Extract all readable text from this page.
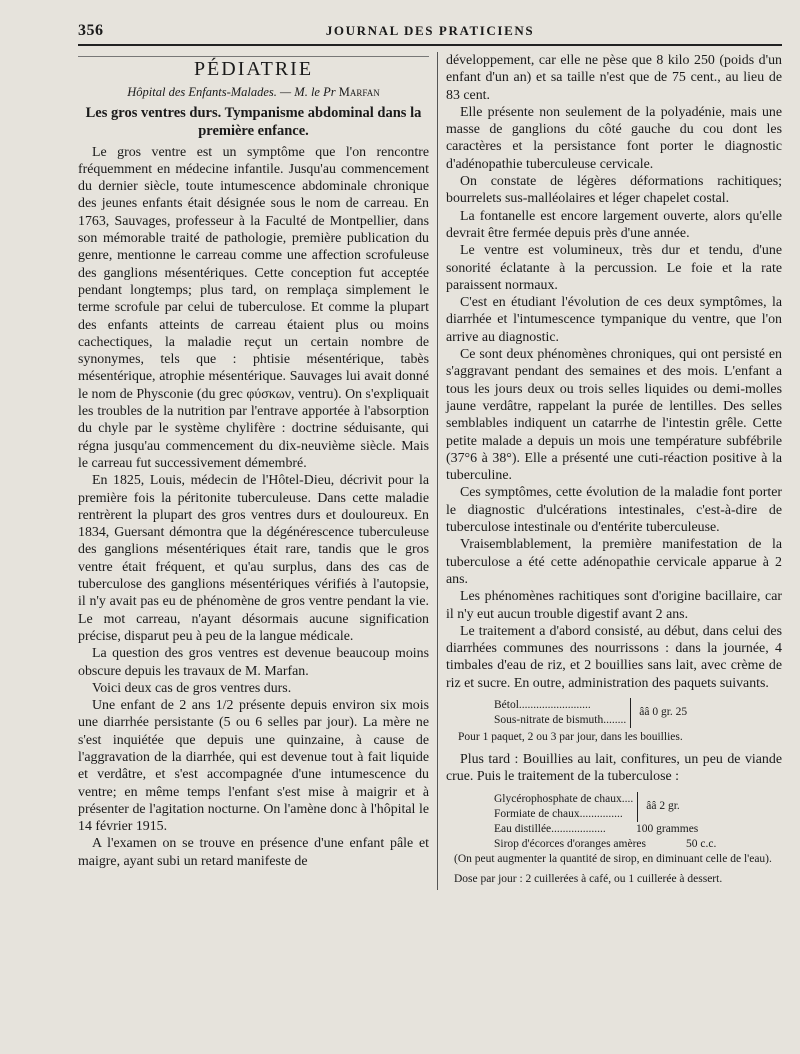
356	JOURNAL DES PRATICIENS
PÉDIATRIE
Hôpital des Enfants-Malades. — M. le Pr Marfan
Les gros ventres durs. Tympanisme abdominal dans la première enfance.

Le gros ventre est un symptôme que l'on rencontre fréquemment en médecine infantile. Jusqu'au commencement du dernier siècle, toute intumescence abdominale chronique des jeunes enfants était désignée sous le nom de carreau. En 1763, Sauvages, professeur à la Faculté de Montpellier, dans son mémorable traité de pathologie, première publication du genre, mentionne le carreau comme une affection scrofuleuse des ganglions mésentériques. Cette conception fut acceptée pendant longtemps; plus tard, on remplaça simplement le terme scrofule par celui de tuberculose. Et comme la plupart des enfants atteints de carreau étaient plus ou moins cachectiques, la maladie reçut un certain nombre de synonymes, tels que : phtisie mésentérique, tabès mésentérique, atrophie mésentérique. Sauvages lui avait donné le nom de Physconie (du grec φύσκων, ventru). On s'expliquait les troubles de la nutrition par l'entrave apportée à l'absorption du chyle par le système chylifère : doctrine séduisante, qui régna jusqu'au commencement du dix-neuvième siècle. Mais le carreau fut successivement démembré.

En 1825, Louis, médecin de l'Hôtel-Dieu, décrivit pour la première fois la péritonite tuberculeuse. Dans cette maladie rentrèrent la plupart des gros ventres durs et douloureux. En 1834, Guersant démontra que la dégénérescence tuberculeuse des ganglions mésentériques était rare, tandis que le gros ventre était fréquent, et qu'au surplus, dans des cas de tuberculose des ganglions mésentériques vérifiés à l'autopsie, il n'y avait pas eu de phénomène de gros ventre pendant la vie. Le mot carreau, n'ayant désormais aucune signification précise, disparut peu à peu de la langue médicale.

La question des gros ventres est devenue beaucoup moins obscure depuis les travaux de M. Marfan.

Voici deux cas de gros ventres durs.

Une enfant de 2 ans 1/2 présente depuis environ six mois une diarrhée persistante (5 ou 6 selles par jour). La mère ne s'est inquiétée que depuis une quinzaine, à cause de l'aggravation de la diarrhée, qui est devenue tout à fait liquide et verdâtre, et s'est accompagnée d'une intumescence du ventre; en même temps l'enfant s'est mise à maigrir et à présenter de l'agitation nocturne. On l'amène donc à l'hôpital le 14 février 1915.

A l'examen on se trouve en présence d'une enfant pâle et maigre, ayant subi un retard manifeste de

développement, car elle ne pèse que 8 kilo 250 (poids d'un enfant d'un an) et sa taille n'est que de 75 cent., au lieu de 83 cent.

Elle présente non seulement de la polyadénie, mais une masse de ganglions du côté gauche du cou dont les caractères et la persistance font porter le diagnostic d'adénopathie tuberculeuse cervicale.

On constate de légères déformations rachitiques; bourrelets sus-malléolaires et léger chapelet costal.

La fontanelle est encore largement ouverte, alors qu'elle devrait être fermée depuis près d'une année.

Le ventre est volumineux, très dur et tendu, d'une sonorité éclatante à la percussion. Le foie et la rate paraissent normaux.

C'est en étudiant l'évolution de ces deux symptômes, la diarrhée et l'intumescence tympanique du ventre, que l'on arrive au diagnostic.

Ce sont deux phénomènes chroniques, qui ont persisté en s'aggravant pendant des semaines et des mois. L'enfant a tous les jours deux ou trois selles liquides ou demi-molles jaune verdâtre, rappelant la purée de lentilles. Des selles semblables indiquent un catarrhe de l'intestin grêle. Cette petite malade a depuis un mois une température subfébrile (37°6 à 38°). Elle a présenté une cuti-réaction positive à la tuberculine.

Ces symptômes, cette évolution de la maladie font porter le diagnostic d'ulcérations intestinales, c'est-à-dire de tuberculose intestinale ou d'entérite tuberculeuse.

Vraisemblablement, la première manifestation de la tuberculose a été cette adénopathie cervicale apparue à 2 ans.

Les phénomènes rachitiques sont d'origine bacillaire, car il n'y eut aucun trouble digestif avant 2 ans.

Le traitement a d'abord consisté, au début, dans celui des diarrhées communes des nourrissons : dans la journée, 4 timbales d'eau de riz, et 2 bouillies sans lait, avec crème de riz et sucre. En outre, administration des paquets suivants.

Bétol.........................
Sous-nitrate de bismuth........
ââ 0 gr. 25
Pour 1 paquet, 2 ou 3 par jour, dans les bouillies.

Plus tard : Bouillies au lait, confitures, un peu de viande crue. Puis le traitement de la tuberculose :

Glycérophosphate de chaux....
Formiate de chaux...............
ââ 2 gr.
Eau distillée...................	100 grammes
Sirop d'écorces d'oranges amères	50 c.c.
(On peut augmenter la quantité de sirop, en diminuant celle de l'eau).
Dose par jour : 2 cuillerées à café, ou 1 cuillerée à dessert.
